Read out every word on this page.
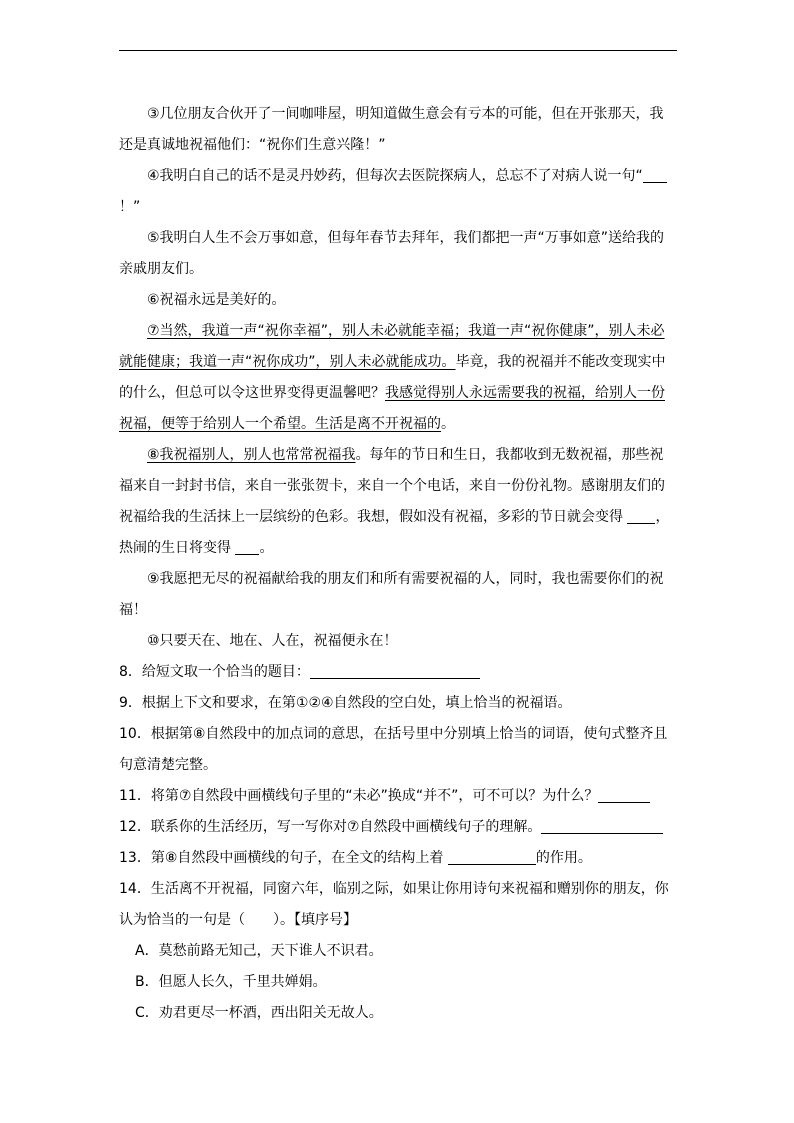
③几位朋友合伙开了一间咖啡屋，明知道做生意会有亏本的可能，但在开张那天，我还是真诚地祝福他们：“祝你们生意兴隆！”

④我明白自己的话不是灵丹妙药，但每次去医院探病人，总忘不了对病人说一句“！”

⑤我明白人生不会万事如意，但每年春节去拜年，我们都把一声“万事如意”送给我的亲戚朋友们。

⑥祝福永远是美好的。

⑦当然，我道一声“祝你幸福”，别人未必就能幸福；我道一声“祝你健康”，别人未必就能健康；我道一声“祝你成功”，别人未必就能成功。毕竟，我的祝福并不能改变现实中的什么，但总可以令这世界变得更温馨吧？我感觉得别人永远需要我的祝福，给别人一份祝福，便等于给别人一个希望。生活是离不开祝福的。

⑧我祝福别人，别人也常常祝福我。每年的节日和生日，我都收到无数祝福，那些祝福来自一封封书信，来自一张张贺卡，来自一个个电话，来自一份份礼物。感谢朋友们的祝福给我的生活抹上一层缤纷的色彩。我想，假如没有祝福，多彩的节日就会变得 ，热闹的生日将变得 。

⑨我愿把无尽的祝福献给我的朋友们和所有需要祝福的人，同时，我也需要你们的祝福！

⑩只要天在、地在、人在，祝福便永在！

8．给短文取一个恰当的题目：

9．根据上下文和要求，在第①②④自然段的空白处，填上恰当的祝福语。

10．根据第⑧自然段中的加点词的意思，在括号里中分别填上恰当的词语，使句式整齐且句意清楚完整。

11．将第⑦自然段中画横线句子里的“未必”换成“并不”，可不可以？为什么？

12．联系你的生活经历，写一写你对⑦自然段中画横线句子的理解。

13．第⑧自然段中画横线的句子，在全文的结构上着	的作用。

14．生活离不开祝福，同窗六年，临别之际，如果让你用诗句来祝福和赠别你的朋友，你认为恰当的一句是（　　）。【填序号】

A．莫愁前路无知己，天下谁人不识君。

B．但愿人长久，千里共婵娟。

C．劝君更尽一杯酒，西出阳关无故人。
